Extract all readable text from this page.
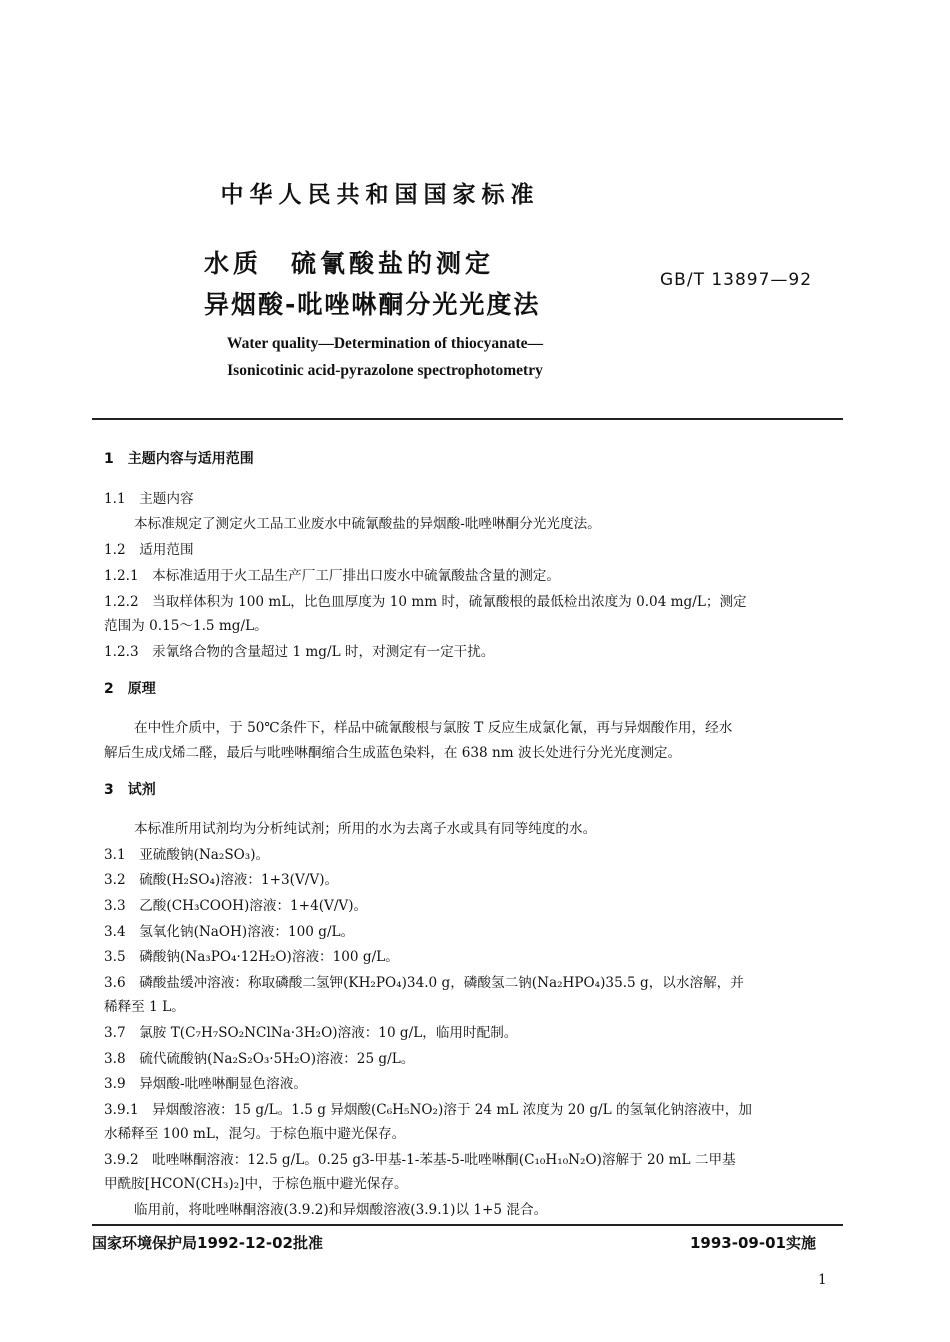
中华人民共和国国家标准
水质　硫氰酸盐的测定
异烟酸-吡唑啉酮分光光度法
GB/T 13897—92
Water quality—Determination of thiocyanate—
Isonicotinic acid-pyrazolone spectrophotometry
1　主题内容与适用范围
1.1　主题内容
本标准规定了测定火工品工业废水中硫氰酸盐的异烟酸-吡唑啉酮分光光度法。
1.2　适用范围
1.2.1　本标准适用于火工品生产厂工厂排出口废水中硫氰酸盐含量的测定。
1.2.2　当取样体积为 100 mL，比色皿厚度为 10 mm 时，硫氰酸根的最低检出浓度为 0.04 mg/L；测定
范围为 0.15～1.5 mg/L。
1.2.3　汞氰络合物的含量超过 1 mg/L 时，对测定有一定干扰。
2　原理
在中性介质中，于 50℃条件下，样品中硫氰酸根与氯胺 T 反应生成氯化氰，再与异烟酸作用，经水
解后生成戊烯二醛，最后与吡唑啉酮缩合生成蓝色染料，在 638 nm 波长处进行分光光度测定。
3　试剂
本标准所用试剂均为分析纯试剂；所用的水为去离子水或具有同等纯度的水。
3.1　亚硫酸钠(Na₂SO₃)。
3.2　硫酸(H₂SO₄)溶液：1+3(V/V)。
3.3　乙酸(CH₃COOH)溶液：1+4(V/V)。
3.4　氢氧化钠(NaOH)溶液：100 g/L。
3.5　磷酸钠(Na₃PO₄·12H₂O)溶液：100 g/L。
3.6　磷酸盐缓冲溶液：称取磷酸二氢钾(KH₂PO₄)34.0 g，磷酸氢二钠(Na₂HPO₄)35.5 g，以水溶解，并
稀释至 1 L。
3.7　氯胺 T(C₇H₇SO₂NClNa·3H₂O)溶液：10 g/L，临用时配制。
3.8　硫代硫酸钠(Na₂S₂O₃·5H₂O)溶液：25 g/L。
3.9　异烟酸-吡唑啉酮显色溶液。
3.9.1　异烟酸溶液：15 g/L。1.5 g 异烟酸(C₆H₅NO₂)溶于 24 mL 浓度为 20 g/L 的氢氧化钠溶液中，加
水稀释至 100 mL，混匀。于棕色瓶中避光保存。
3.9.2　吡唑啉酮溶液：12.5 g/L。0.25 g3-甲基-1-苯基-5-吡唑啉酮(C₁₀H₁₀N₂O)溶解于 20 mL 二甲基
甲酰胺[HCON(CH₃)₂]中，于棕色瓶中避光保存。
临用前，将吡唑啉酮溶液(3.9.2)和异烟酸溶液(3.9.1)以 1+5 混合。
国家环境保护局1992-12-02批准	1993-09-01实施
1
